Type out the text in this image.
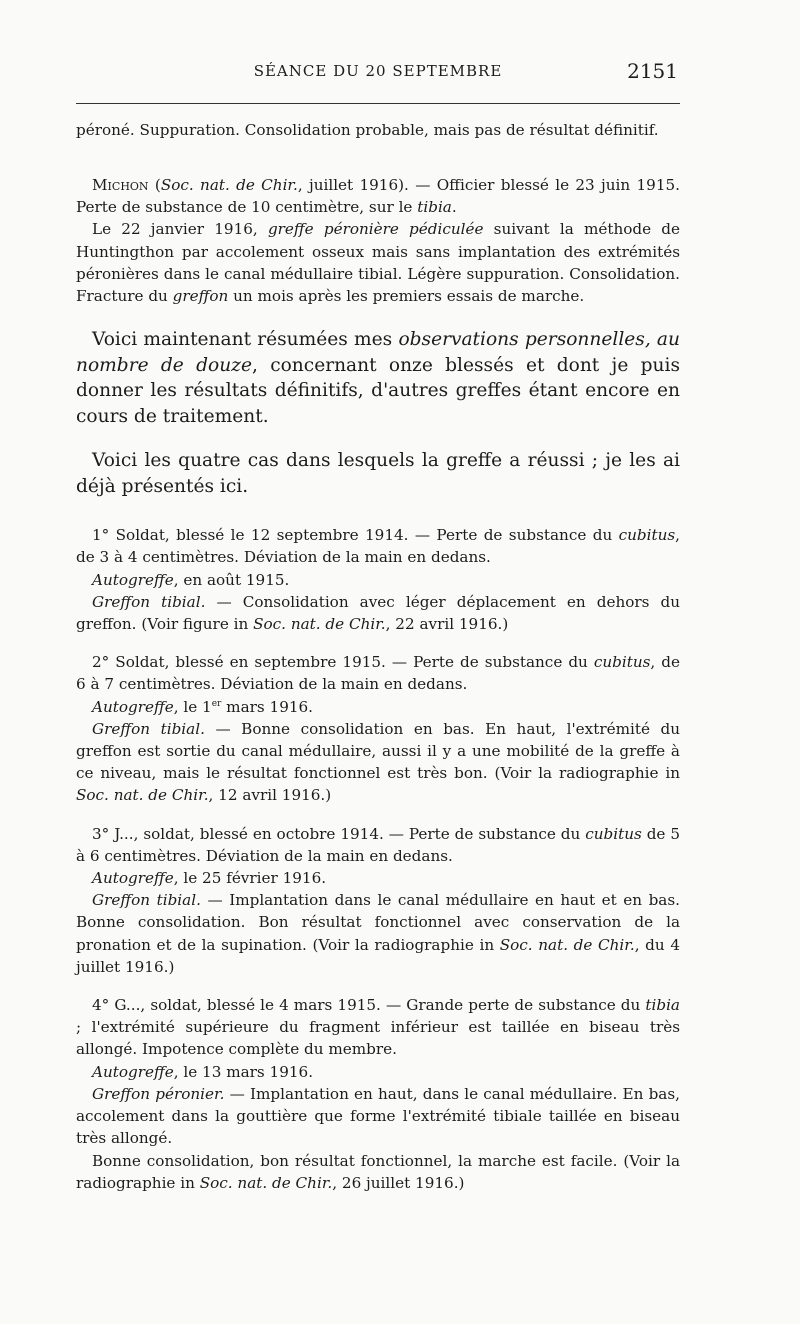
SÉANCE DU 20 SEPTEMBRE	2151

péroné. Suppuration. Consolidation probable, mais pas de résultat définitif.

Michon (Soc. nat. de Chir., juillet 1916). — Officier blessé le 23 juin 1915. Perte de substance de 10 centimètre, sur le tibia.

Le 22 janvier 1916, greffe péronière pédiculée suivant la méthode de Huntingthon par accolement osseux mais sans implantation des extrémités péronières dans le canal médullaire tibial. Légère suppuration. Consolidation. Fracture du greffon un mois après les premiers essais de marche.

Voici maintenant résumées mes observations personnelles, au nombre de douze, concernant onze blessés et dont je puis donner les résultats définitifs, d'autres greffes étant encore en cours de traitement.

Voici les quatre cas dans lesquels la greffe a réussi ; je les ai déjà présentés ici.

1° Soldat, blessé le 12 septembre 1914. — Perte de substance du cubitus, de 3 à 4 centimètres. Déviation de la main en dedans.

Autogreffe, en août 1915.

Greffon tibial. — Consolidation avec léger déplacement en dehors du greffon. (Voir figure in Soc. nat. de Chir., 22 avril 1916.)

2° Soldat, blessé en septembre 1915. — Perte de substance du cubitus, de 6 à 7 centimètres. Déviation de la main en dedans.

Autogreffe, le 1er mars 1916.

Greffon tibial. — Bonne consolidation en bas. En haut, l'extrémité du greffon est sortie du canal médullaire, aussi il y a une mobilité de la greffe à ce niveau, mais le résultat fonctionnel est très bon. (Voir la radiographie in Soc. nat. de Chir., 12 avril 1916.)

3° J..., soldat, blessé en octobre 1914. — Perte de substance du cubitus de 5 à 6 centimètres. Déviation de la main en dedans.

Autogreffe, le 25 février 1916.

Greffon tibial. — Implantation dans le canal médullaire en haut et en bas. Bonne consolidation. Bon résultat fonctionnel avec conservation de la pronation et de la supination. (Voir la radiographie in Soc. nat. de Chir., du 4 juillet 1916.)

4° G..., soldat, blessé le 4 mars 1915. — Grande perte de substance du tibia ; l'extrémité supérieure du fragment inférieur est taillée en biseau très allongé. Impotence complète du membre.

Autogreffe, le 13 mars 1916.

Greffon péronier. — Implantation en haut, dans le canal médullaire. En bas, accolement dans la gouttière que forme l'extrémité tibiale taillée en biseau très allongé.

Bonne consolidation, bon résultat fonctionnel, la marche est facile. (Voir la radiographie in Soc. nat. de Chir., 26 juillet 1916.)
